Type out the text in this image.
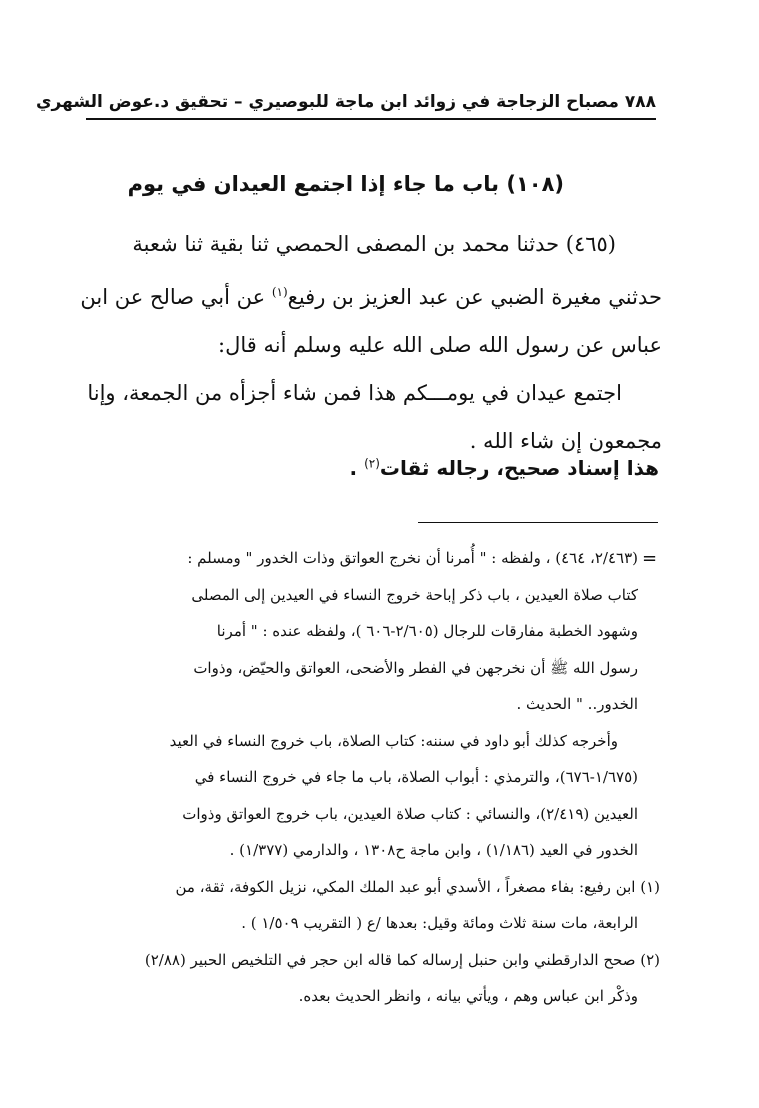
٧٨٨ مصباح الزجاجة في زوائد ابن ماجة للبوصيري – تحقيق د.عوض الشهري
(١٠٨) باب ما جاء إذا اجتمع العيدان في يوم

(٤٦٥) حدثنا محمد بن المصفى الحمصي ثنا بقية ثنا شعبة

حدثني مغيرة الضبي عن عبد العزيز بن رفيع$^{(١)}$ عن أبي صالح عن ابن

عباس عن رسول الله صلى الله عليه وسلم أنه قال:

اجتمع عيدان في يومـــكم هذا فمن شاء أجزأه من الجمعة، وإنا

مجمعون إن شاء الله .

هذا إسناد صحيح، رجاله ثقات$^{(٢)}$ .
=

(٢/٤٦٣، ٤٦٤) ، ولفظه : " أُمرنا أن نخرج العواتق وذات الخدور " ومسلم :

كتاب صلاة العيدين ، باب ذكر إباحة خروج النساء في العيدين إلى المصلى

وشهود الخطبة مفارقات للرجال (٢/٦٠٥-٦٠٦ )، ولفظه عنده : " أمرنا

رسول الله ﷺ أن نخرجهن في الفطر والأضحى، العواتق والحيّض، وذوات

الخدور.. " الحديث .

وأخرجه كذلك أبو داود في سننه: كتاب الصلاة، باب خروج النساء في العيد

(١/٦٧٥-٦٧٦)، والترمذي : أبواب الصلاة، باب ما جاء في خروج النساء في

العيدين (٢/٤١٩)، والنسائي : كتاب صلاة العيدين، باب خروج العواتق وذوات

الخدور في العيد (١/١٨٦) ، وابن ماجة ح١٣٠٨ ، والدارمي (١/٣٧٧) .

(١) ابن رفيع: بفاء مصغراً ، الأسدي أبو عبد الملك المكي، نزيل الكوفة، ثقة، من

الرابعة، مات سنة ثلاث ومائة وقيل: بعدها /ع ( التقريب ١/٥٠٩ ) .

(٢) صحح الدارقطني وابن حنبل إرساله كما قاله ابن حجر في التلخيص الحبير (٢/٨٨)

وذكْر ابن عباس وهم ، ويأتي بيانه ، وانظر الحديث بعده.
